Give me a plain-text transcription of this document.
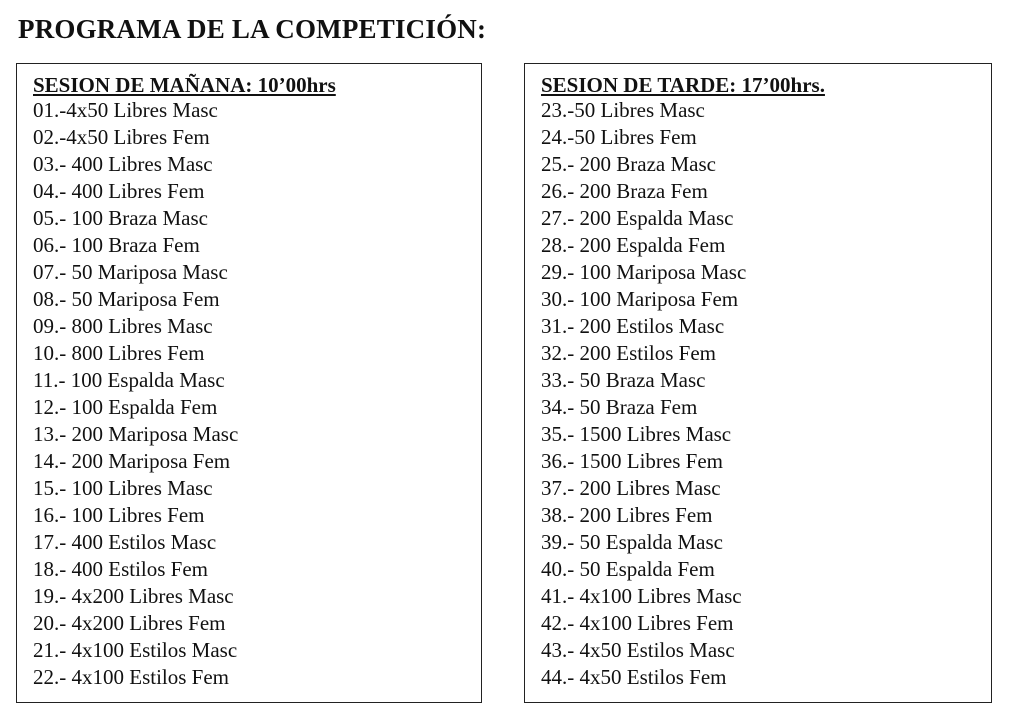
PROGRAMA DE LA COMPETICIÓN:
SESION DE MAÑANA: 10’00hrs
01.-4x50 Libres Masc
02.-4x50 Libres Fem
03.- 400 Libres Masc
04.- 400 Libres Fem
05.- 100 Braza Masc
06.- 100 Braza Fem
07.- 50 Mariposa Masc
08.- 50 Mariposa Fem
09.- 800 Libres Masc
10.- 800 Libres Fem
11.- 100 Espalda Masc
12.- 100 Espalda Fem
13.- 200 Mariposa Masc
14.- 200 Mariposa Fem
15.- 100 Libres Masc
16.- 100 Libres Fem
17.- 400 Estilos Masc
18.- 400 Estilos Fem
19.- 4x200 Libres Masc
20.- 4x200 Libres Fem
21.- 4x100 Estilos Masc
22.- 4x100 Estilos Fem
SESION DE TARDE: 17’00hrs.
23.-50 Libres Masc
24.-50 Libres Fem
25.- 200 Braza Masc
26.- 200 Braza Fem
27.- 200 Espalda Masc
28.- 200 Espalda Fem
29.- 100 Mariposa Masc
30.- 100 Mariposa Fem
31.- 200 Estilos Masc
32.- 200 Estilos Fem
33.- 50 Braza Masc
34.- 50 Braza Fem
35.- 1500 Libres Masc
36.- 1500 Libres Fem
37.- 200 Libres Masc
38.- 200 Libres Fem
39.- 50 Espalda Masc
40.- 50 Espalda Fem
41.- 4x100 Libres Masc
42.- 4x100 Libres Fem
43.- 4x50 Estilos Masc
44.- 4x50 Estilos Fem
